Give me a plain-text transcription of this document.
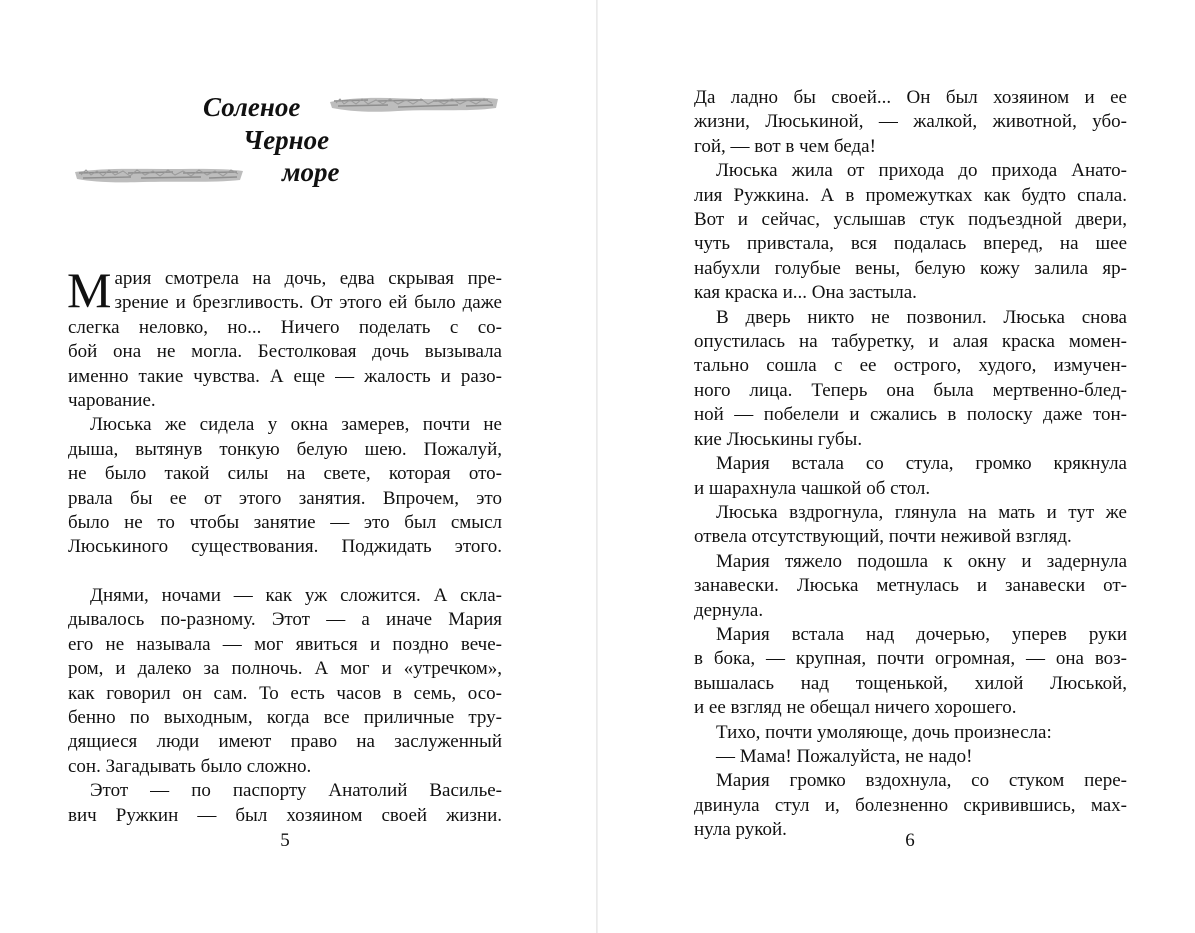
Соленое
Черное
море
М ария смотрела на дочь, едва скрывая пре-
зрение и брезгливость. От этого ей было даже
слегка неловко, но... Ничего поделать с со-
бой она не могла. Бестолковая дочь вызывала
именно такие чувства. А еще — жалость и разо-
чарование.
Люська же сидела у окна замерев, почти не
дыша, вытянув тонкую белую шею. Пожалуй,
не было такой силы на свете, которая ото-
рвала бы ее от этого занятия. Впрочем, это
было не то чтобы занятие — это был смысл
Люськиного существования. Поджидать этого.
Днями, ночами — как уж сложится. А скла-
дывалось по-разному. Этот — а иначе Мария
его не называла — мог явиться и поздно вече-
ром, и далеко за полночь. А мог и «утречком»,
как говорил он сам. То есть часов в семь, осо-
бенно по выходным, когда все приличные тру-
дящиеся люди имеют право на заслуженный
сон. Загадывать было сложно.
Этот — по паспорту Анатолий Василье-
вич Ружкин — был хозяином своей жизни.
5
Да ладно бы своей... Он был хозяином и ее
жизни, Люськиной, — жалкой, животной, убо-
гой, — вот в чем беда!
Люська жила от прихода до прихода Анато-
лия Ружкина. А в промежутках как будто спала.
Вот и сейчас, услышав стук подъездной двери,
чуть привстала, вся подалась вперед, на шее
набухли голубые вены, белую кожу залила яр-
кая краска и... Она застыла.
В дверь никто не позвонил. Люська снова
опустилась на табуретку, и алая краска момен-
тально сошла с ее острого, худого, измучен-
ного лица. Теперь она была мертвенно-блед-
ной — побелели и сжались в полоску даже тон-
кие Люськины губы.
Мария встала со стула, громко крякнула
и шарахнула чашкой об стол.
Люська вздрогнула, глянула на мать и тут же
отвела отсутствующий, почти неживой взгляд.
Мария тяжело подошла к окну и задернула
занавески. Люська метнулась и занавески от-
дернула.
Мария встала над дочерью, уперев руки
в бока, — крупная, почти огромная, — она воз-
вышалась над тощенькой, хилой Люськой,
и ее взгляд не обещал ничего хорошего.
Тихо, почти умоляюще, дочь произнесла:
— Мама! Пожалуйста, не надо!
Мария громко вздохнула, со стуком пере-
двинула стул и, болезненно скривившись, мах-
нула рукой.
6
